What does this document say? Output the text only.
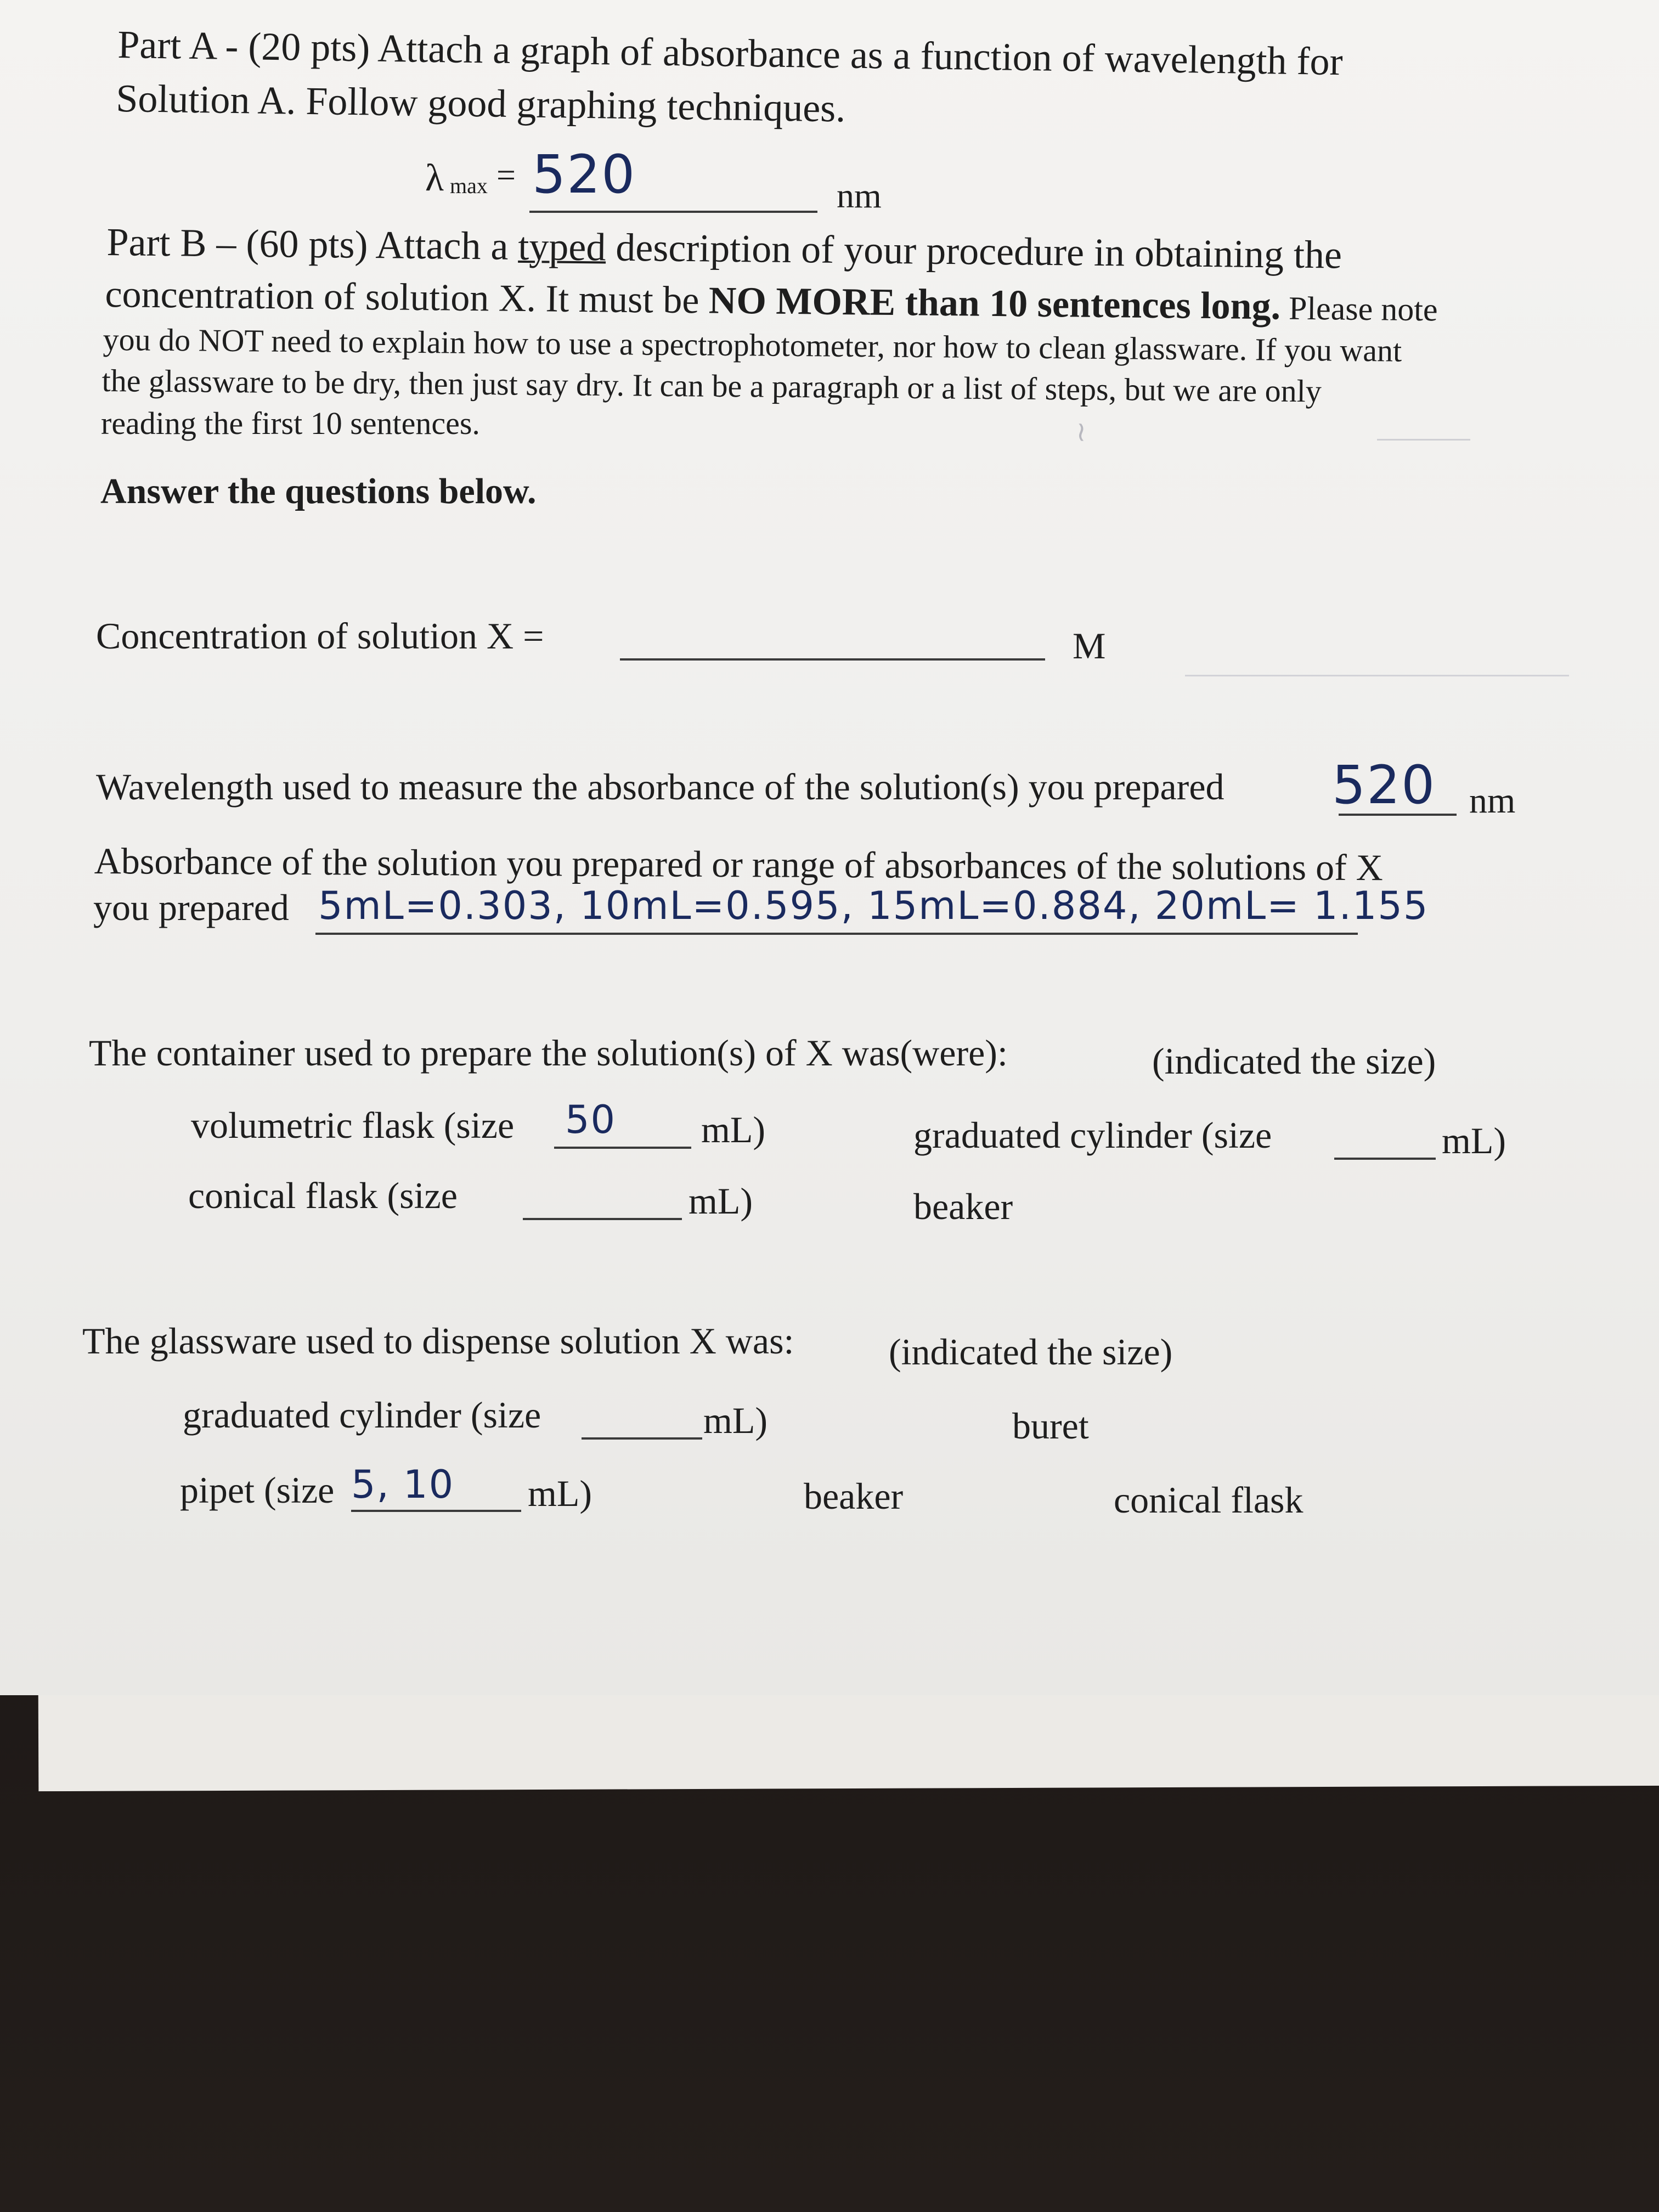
~
Part A - (20 pts) Attach a graph of absorbance as a function of wavelength for
Solution A. Follow good graphing techniques.
λ max = 520	nm
Part B – (60 pts) Attach a typed description of your procedure in obtaining the
concentration of solution X. It must be NO MORE than 10 sentences long. Please note
you do NOT need to explain how to use a spectrophotometer, nor how to clean glassware. If you want
the glassware to be dry, then just say dry. It can be a paragraph or a list of steps, but we are only
reading the first 10 sentences.
Answer the questions below.
Concentration of solution X =	M
Wavelength used to measure the absorbance of the solution(s) you prepared 520 nm
Absorbance of the solution you prepared or range of absorbances of the solutions of X
you prepared 5mL=0.303, 10mL=0.595, 15mL=0.884, 20mL= 1.155
The container used to prepare the solution(s) of X was(were):	(indicated the size)
volumetric flask (size 50 mL)	graduated cylinder (size	mL)
conical flask (size	mL)	beaker
The glassware used to dispense solution X was:	(indicated the size)
graduated cylinder (size	mL)	buret
pipet (size 5, 10 mL)	beaker	conical flask
